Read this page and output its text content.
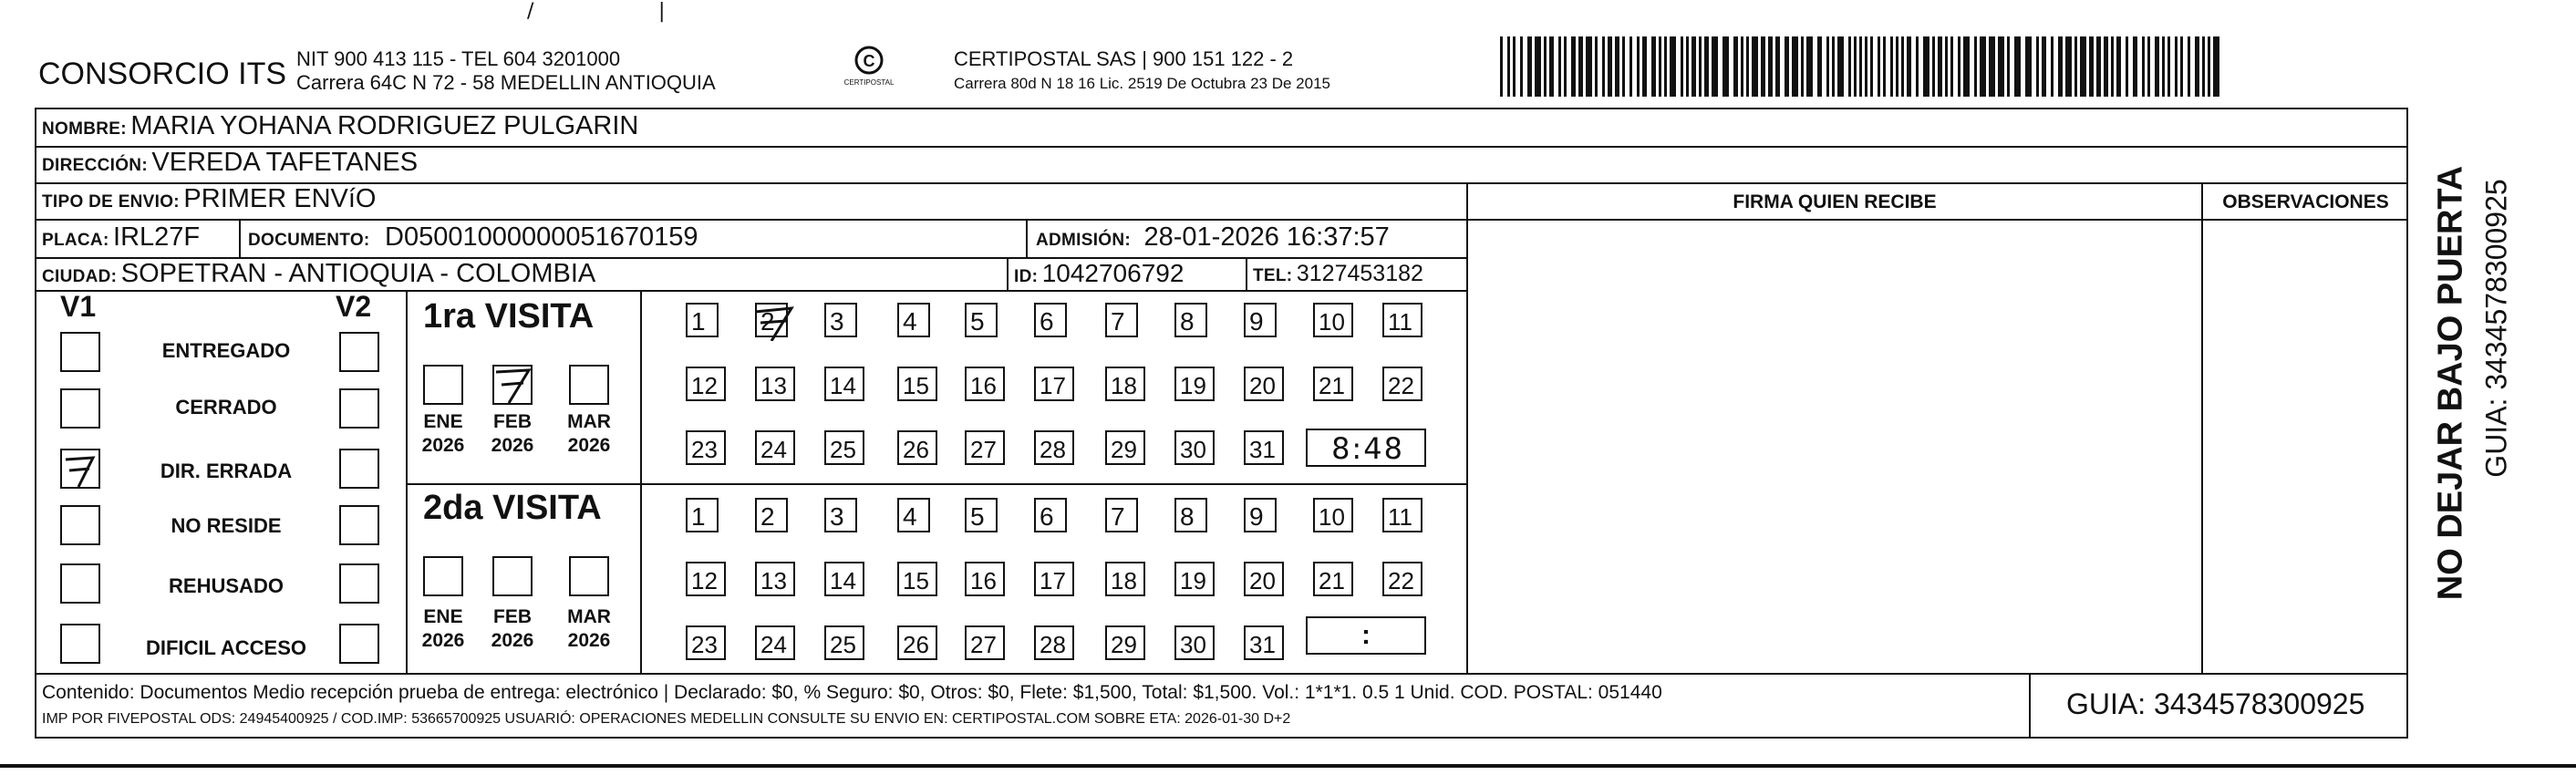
CONSORCIO ITS NIT 900 413 115 - TEL 604 3201000
Carrera 64C N 72 - 58 MEDELLIN ANTIOQUIA
C
CERTIPOSTAL
CERTIPOSTAL SAS | 900 151 122 - 2
Carrera 80d N 18 16 Lic. 2519 De Octubra 23 De 2015
NOMBRE: MARIA YOHANA RODRIGUEZ PULGARIN
DIRECCIÓN: VEREDA TAFETANES
TIPO DE ENVIO: PRIMER ENVíO	FIRMA QUIEN RECIBE	OBSERVACIONES
PLACA: IRL27F	DOCUMENTO: D05001000000051670159	ADMISIÓN: 28-01-2026 16:37:57
CIUDAD: SOPETRAN - ANTIOQUIA - COLOMBIA	ID: 1042706792	TEL: 3127453182
V1	V2
ENTREGADO
CERRADO
DIR. ERRADA
NO RESIDE
REHUSADO
DIFICIL ACCESO
1ra VISITA
ENE
2026
FEB
2026
MAR
2026
1	2	3	4	5	6	7	8	9	10	11
12	13	14	15	16	17	18	19	20	21	22
23	24	25	26	27	28	29	30	31	8:48
2da VISITA
ENE
2026
FEB
2026
MAR
2026
1	2	3	4	5	6	7	8	9	10	11
12	13	14	15	16	17	18	19	20	21	22
23	24	25	26	27	28	29	30	31	:
Contenido: Documentos Medio recepción prueba de entrega: electrónico | Declarado: $0, % Seguro: $0, Otros: $0, Flete: $1,500, Total: $1,500. Vol.: 1*1*1. 0.5 1 Unid. COD. POSTAL: 051440
IMP POR FIVEPOSTAL ODS: 24945400925 / COD.IMP: 53665700925 USUARIÓ: OPERACIONES MEDELLIN CONSULTE SU ENVIO EN: CERTIPOSTAL.COM SOBRE ETA: 2026-01-30 D+2	GUIA: 3434578300925
NO DEJAR BAJO PUERTA GUIA: 3434578300925
/	|
